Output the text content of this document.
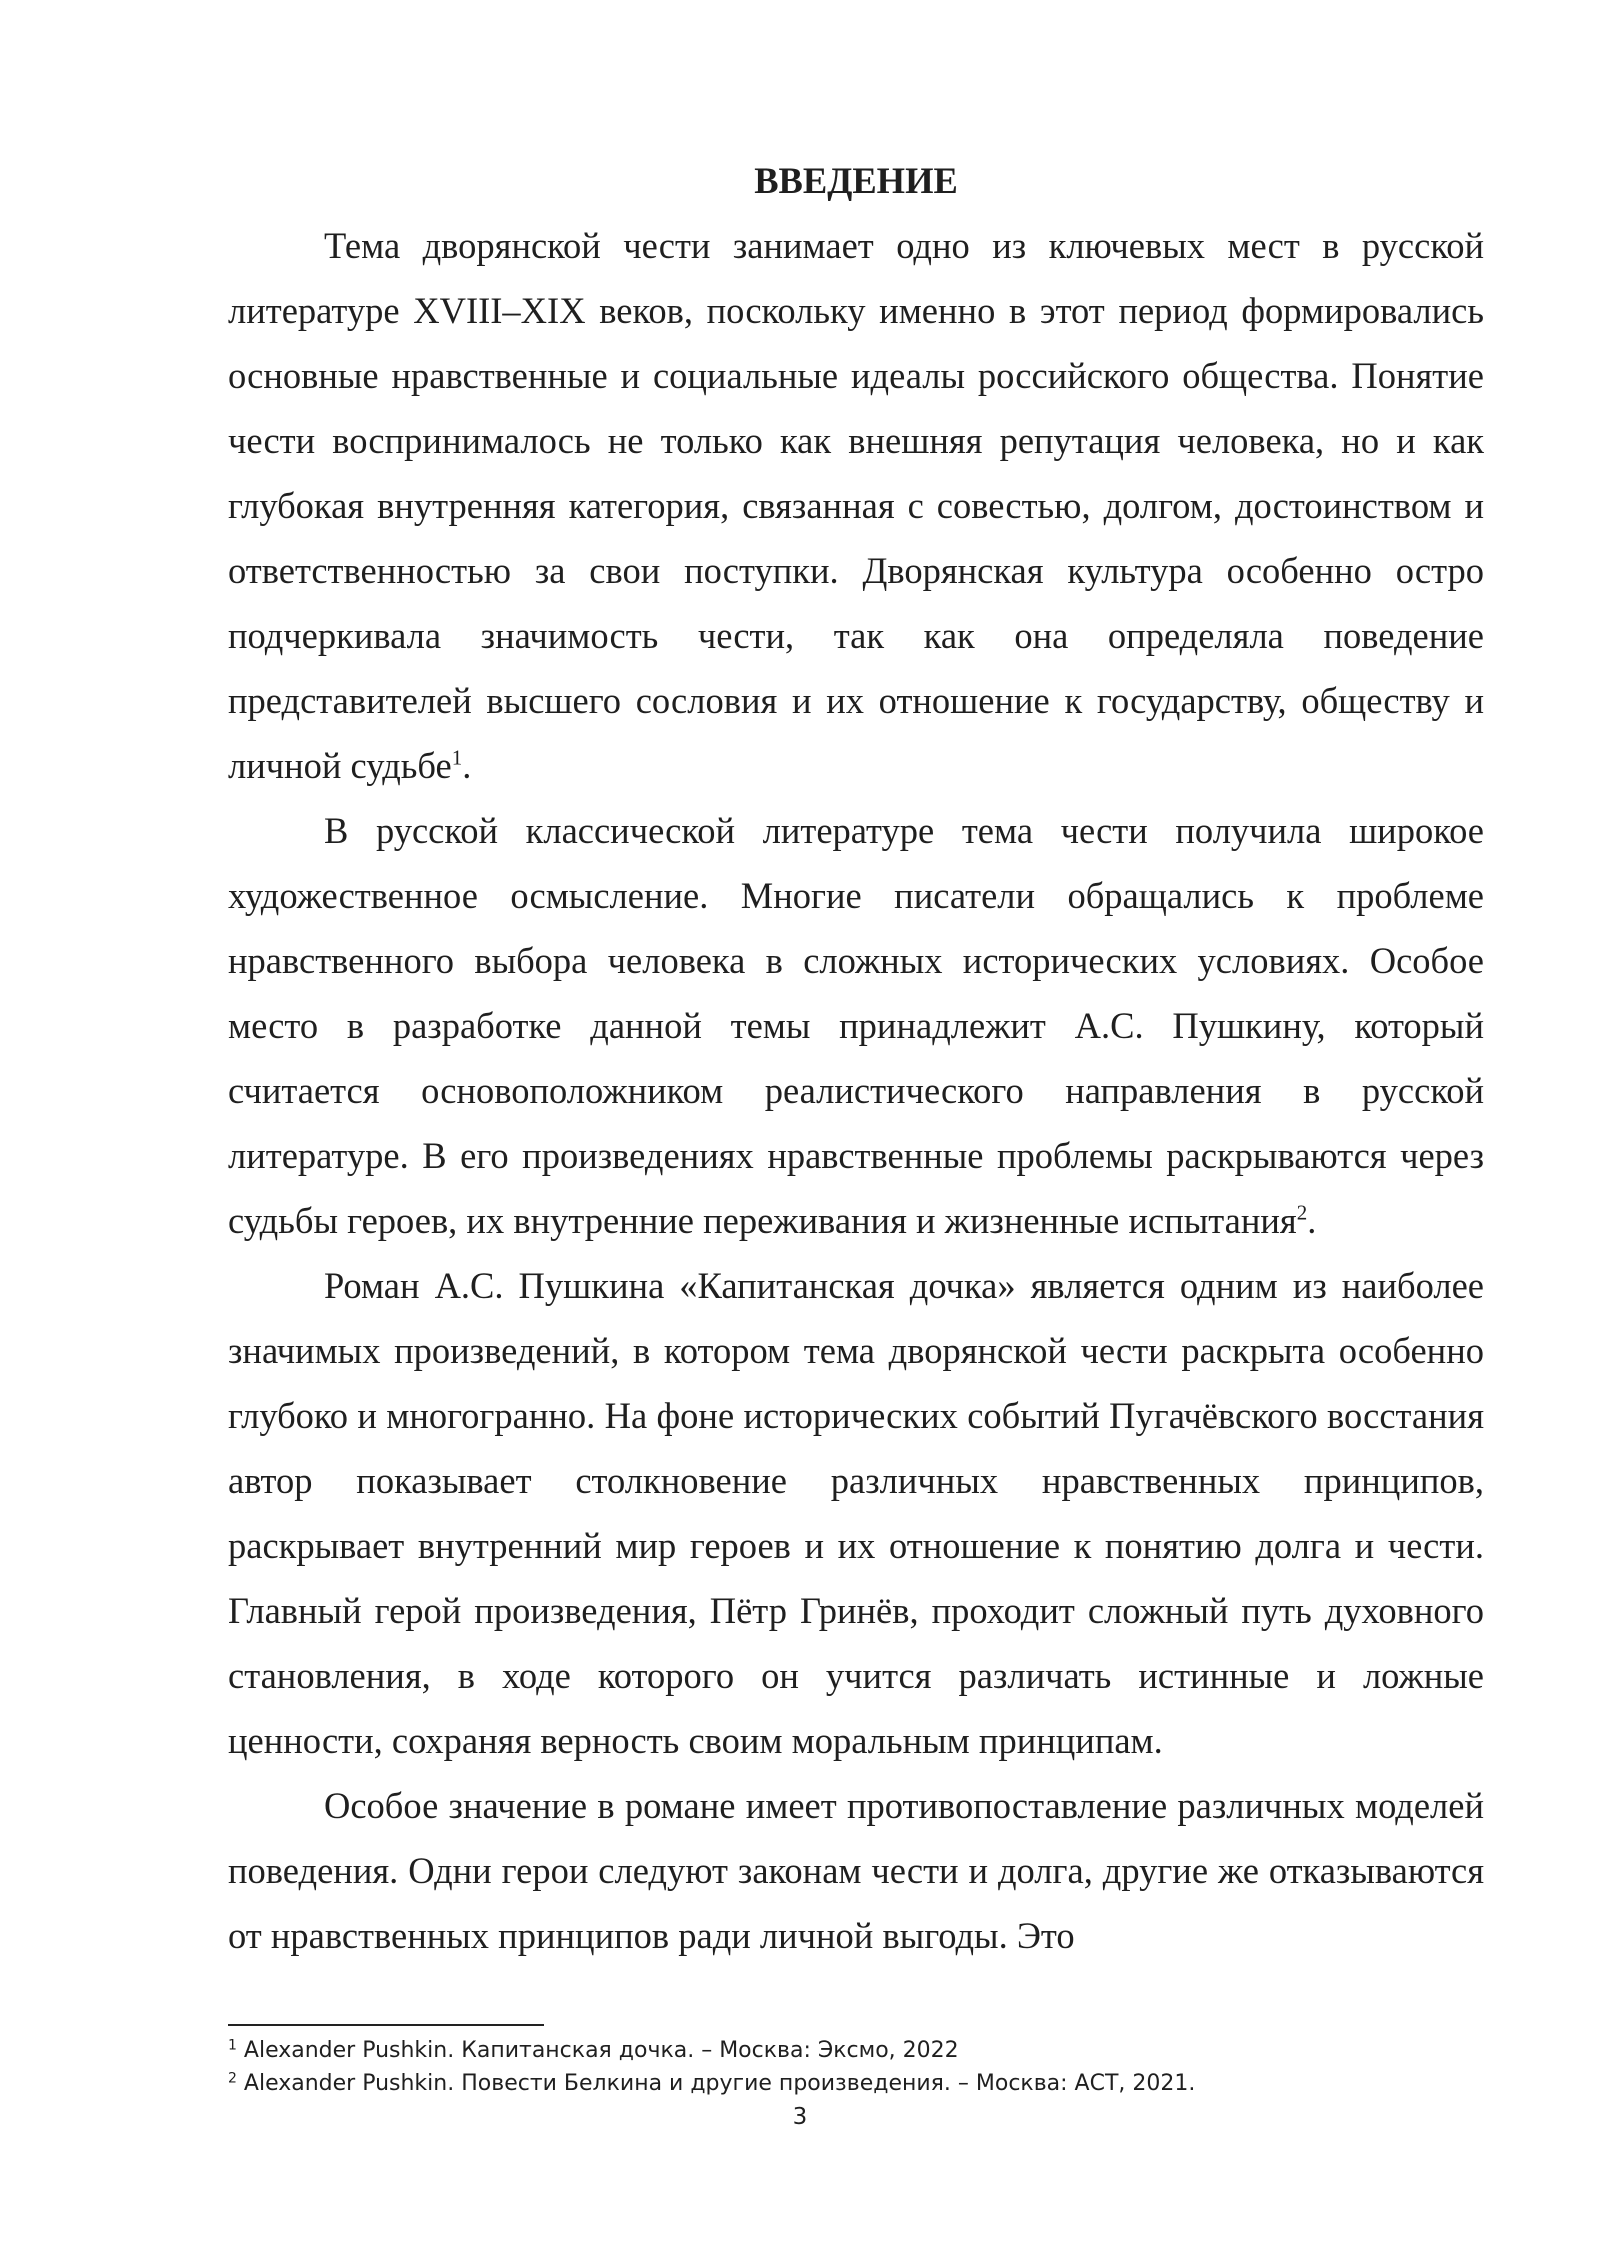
ВВЕДЕНИЕ

Тема дворянской чести занимает одно из ключевых мест в русской литературе XVIII–XIX веков, поскольку именно в этот период формировались основные нравственные и социальные идеалы российского общества. Понятие чести воспринималось не только как внешняя репутация человека, но и как глубокая внутренняя категория, связанная с совестью, долгом, достоинством и ответственностью за свои поступки. Дворянская культура особенно остро подчеркивала значимость чести, так как она определяла поведение представителей высшего сословия и их отношение к государству, обществу и личной судьбе$^1$.

В русской классической литературе тема чести получила широкое художественное осмысление. Многие писатели обращались к проблеме нравственного выбора человека в сложных исторических условиях. Особое место в разработке данной темы принадлежит А.С. Пушкину, который считается основоположником реалистического направления в русской литературе. В его произведениях нравственные проблемы раскрываются через судьбы героев, их внутренние переживания и жизненные испытания$^2$.

Роман А.С. Пушкина «Капитанская дочка» является одним из наиболее значимых произведений, в котором тема дворянской чести раскрыта особенно глубоко и многогранно. На фоне исторических событий Пугачёвского восстания автор показывает столкновение различных нравственных принципов, раскрывает внутренний мир героев и их отношение к понятию долга и чести. Главный герой произведения, Пётр Гринёв, проходит сложный путь духовного становления, в ходе которого он учится различать истинные и ложные ценности, сохраняя верность своим моральным принципам.

Особое значение в романе имеет противопоставление различных моделей поведения. Одни герои следуют законам чести и долга, другие же отказываются от нравственных принципов ради личной выгоды. Это

$^1$ Alexander Pushkin. Капитанская дочка. – Москва: Эксмо, 2022

$^2$ Alexander Pushkin. Повести Белкина и другие произведения. – Москва: АСТ, 2021.

3
